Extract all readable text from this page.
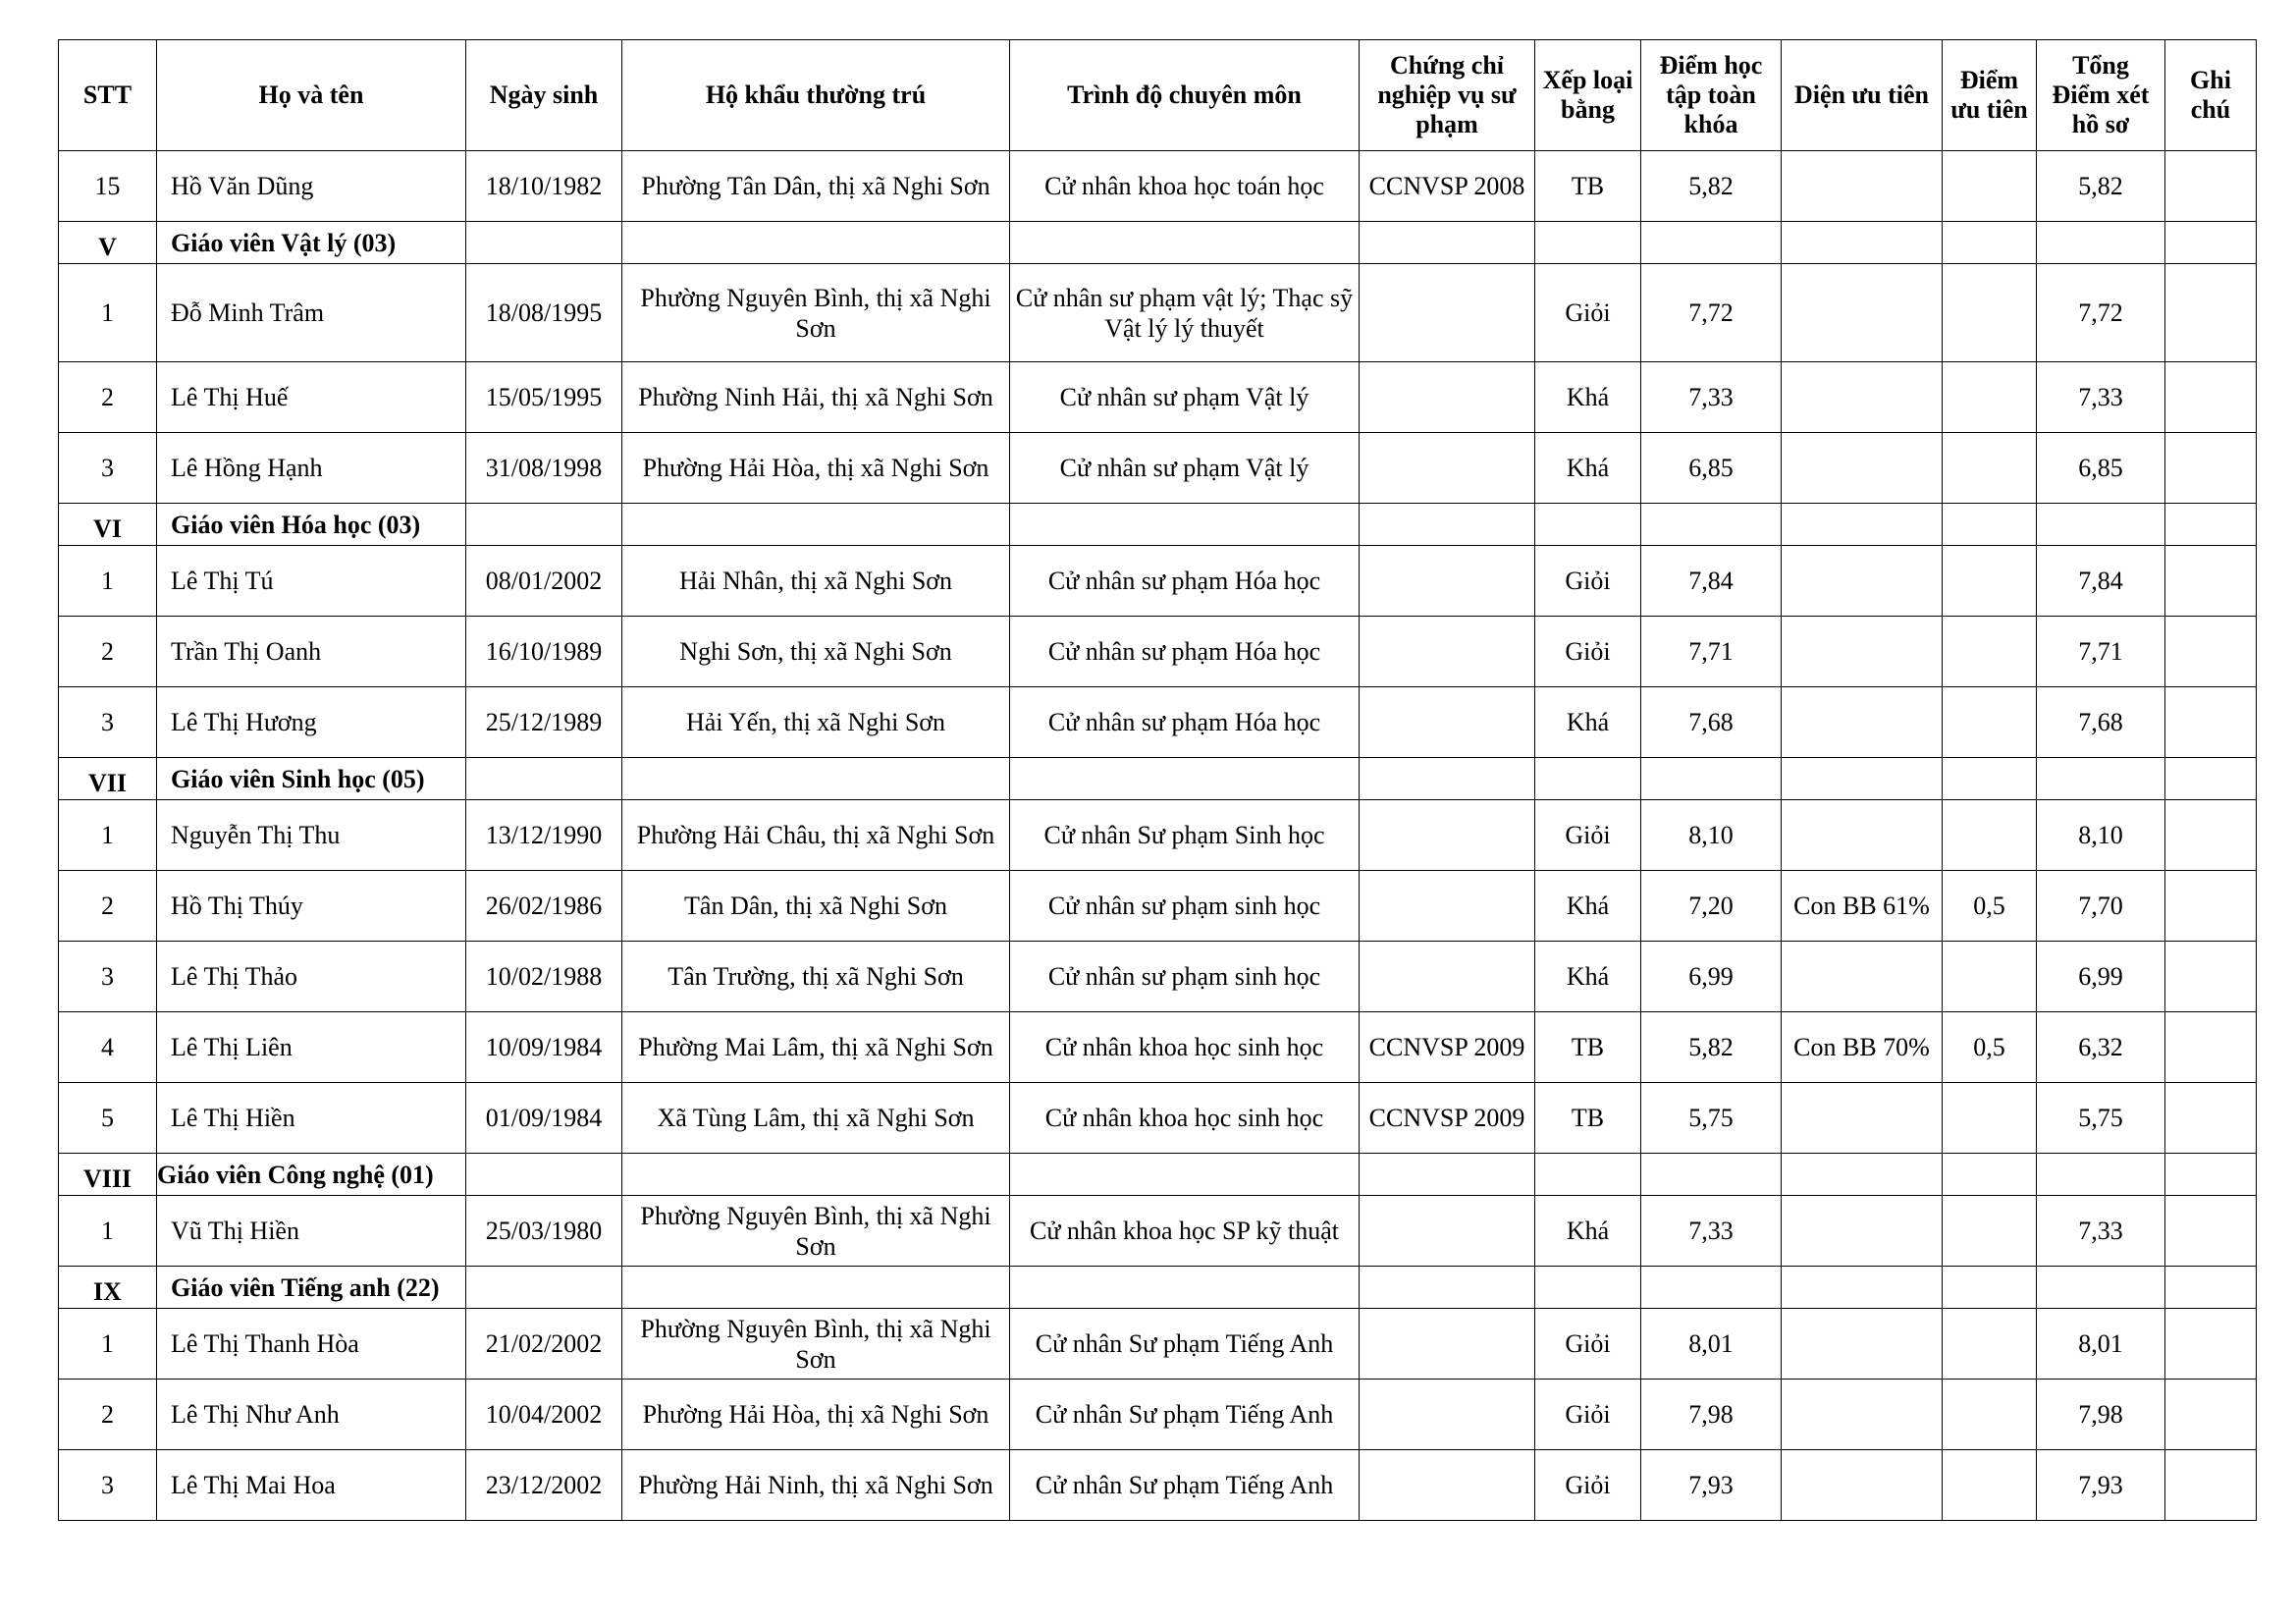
STT	Họ và tên	Ngày sinh	Hộ khẩu thường trú	Trình độ chuyên môn	Chứng chỉ nghiệp vụ sư phạm	Xếp loại bằng	Điểm học tập toàn khóa	Diện ưu tiên	Điểm ưu tiên	Tổng Điểm xét hồ sơ	Ghi chú
15	Hồ Văn Dũng	18/10/1982	Phường Tân Dân, thị xã Nghi Sơn	Cử nhân khoa học toán học	CCNVSP 2008	TB	5,82			5,82	
V	Giáo viên Vật lý (03)										
1	Đỗ Minh Trâm	18/08/1995	Phường Nguyên Bình, thị xã Nghi Sơn	Cử nhân sư phạm vật lý; Thạc sỹ Vật lý lý thuyết		Giỏi	7,72			7,72	
2	Lê Thị Huế	15/05/1995	Phường Ninh Hải, thị xã Nghi Sơn	Cử nhân sư phạm Vật lý		Khá	7,33			7,33	
3	Lê Hồng Hạnh	31/08/1998	Phường Hải Hòa, thị xã Nghi Sơn	Cử nhân sư phạm Vật lý		Khá	6,85			6,85	
VI	Giáo viên Hóa học (03)										
1	Lê Thị Tú	08/01/2002	Hải Nhân, thị xã Nghi Sơn	Cử nhân sư phạm Hóa học		Giỏi	7,84			7,84	
2	Trần Thị Oanh	16/10/1989	Nghi Sơn, thị xã Nghi Sơn	Cử nhân sư phạm Hóa học		Giỏi	7,71			7,71	
3	Lê Thị Hương	25/12/1989	Hải Yến, thị xã Nghi Sơn	Cử nhân sư phạm Hóa học		Khá	7,68			7,68	
VII	Giáo viên Sinh học (05)										
1	Nguyễn Thị Thu	13/12/1990	Phường Hải Châu, thị xã Nghi Sơn	Cử nhân Sư phạm Sinh học		Giỏi	8,10			8,10	
2	Hồ Thị Thúy	26/02/1986	Tân Dân, thị xã Nghi Sơn	Cử nhân sư phạm sinh học		Khá	7,20	Con BB 61%	0,5	7,70	
3	Lê Thị Thảo	10/02/1988	Tân Trường, thị xã Nghi Sơn	Cử nhân sư phạm sinh học		Khá	6,99			6,99	
4	Lê Thị Liên	10/09/1984	Phường Mai Lâm, thị xã Nghi Sơn	Cử nhân khoa học sinh học	CCNVSP 2009	TB	5,82	Con BB 70%	0,5	6,32	
5	Lê Thị Hiền	01/09/1984	Xã Tùng Lâm, thị xã Nghi Sơn	Cử nhân khoa học sinh học	CCNVSP 2009	TB	5,75			5,75	
VIII	Giáo viên Công nghệ (01)										
1	Vũ Thị Hiền	25/03/1980	Phường Nguyên Bình, thị xã Nghi Sơn	Cử nhân khoa học SP kỹ thuật		Khá	7,33			7,33	
IX	Giáo viên Tiếng anh (22)										
1	Lê Thị Thanh Hòa	21/02/2002	Phường Nguyên Bình, thị xã Nghi Sơn	Cử nhân Sư phạm Tiếng Anh		Giỏi	8,01			8,01	
2	Lê Thị Như Anh	10/04/2002	Phường Hải Hòa, thị xã Nghi Sơn	Cử nhân Sư phạm Tiếng Anh		Giỏi	7,98			7,98	
3	Lê Thị Mai Hoa	23/12/2002	Phường Hải Ninh, thị xã Nghi Sơn	Cử nhân Sư phạm Tiếng Anh		Giỏi	7,93			7,93	
